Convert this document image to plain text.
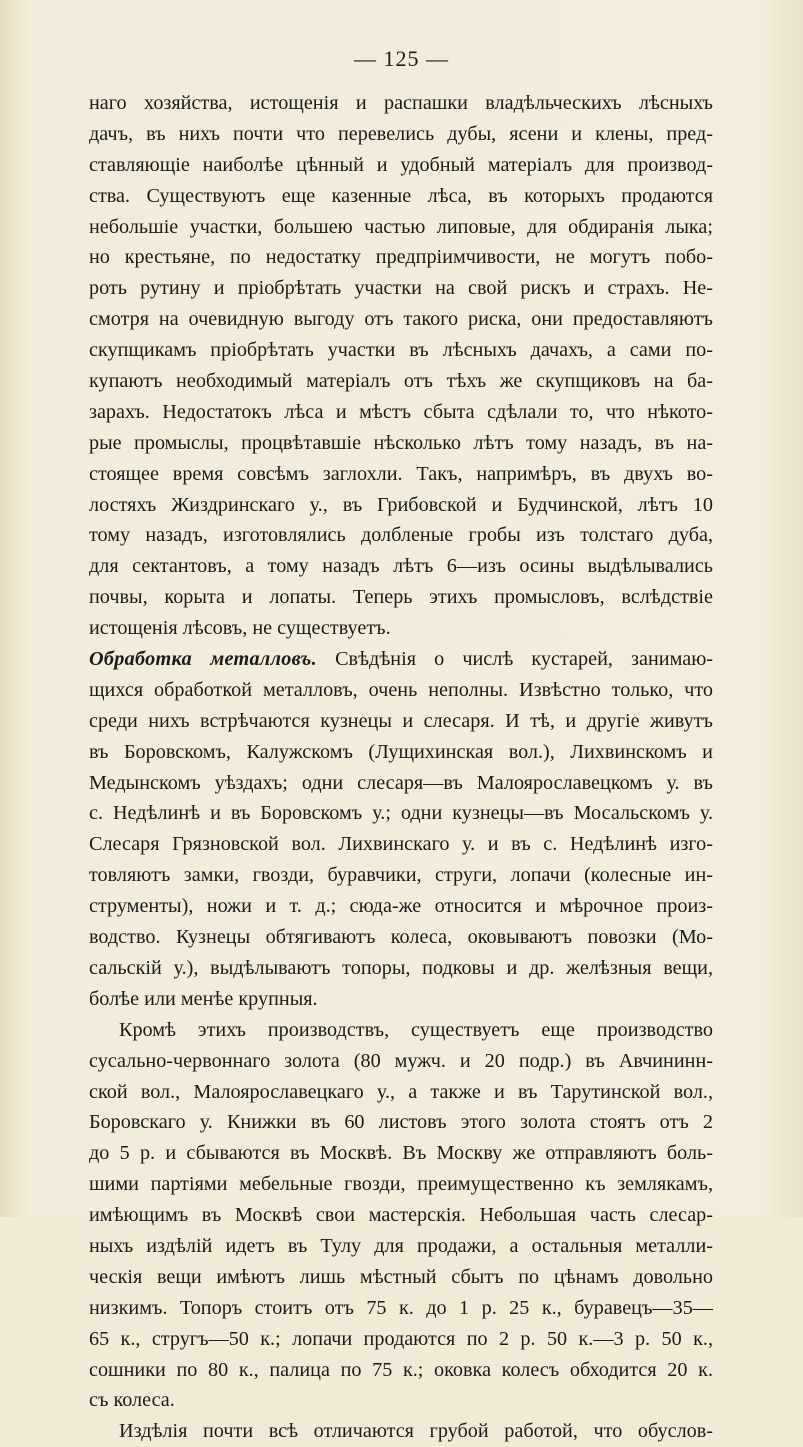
— 125 —
наго хозяйства, истощенія и распашки владѣльческихъ лѣсныхъ
дачъ, въ нихъ почти что перевелись дубы, ясени и клены, пред-
ставляющіе наиболѣе цѣнный и удобный матеріалъ для производ-
ства. Существуютъ еще казенные лѣса, въ которыхъ продаются
небольшіе участки, большею частью липовые, для обдиранія лыка;
но крестьяне, по недостатку предпріимчивости, не могутъ побо-
роть рутину и пріобрѣтать участки на свой рискъ и страхъ. Не-
смотря на очевидную выгоду отъ такого риска, они предоставляютъ
скупщикамъ пріобрѣтать участки въ лѣсныхъ дачахъ, а сами по-
купаютъ необходимый матеріалъ отъ тѣхъ же скупщиковъ на ба-
зарахъ. Недостатокъ лѣса и мѣстъ сбыта сдѣлали то, что нѣкото-
рые промыслы, процвѣтавшіе нѣсколько лѣтъ тому назадъ, въ на-
стоящее время совсѣмъ заглохли. Такъ, напримѣръ, въ двухъ во-
лостяхъ Жиздринскаго у., въ Грибовской и Будчинской, лѣтъ 10
тому назадъ, изготовлялись долбленые гробы изъ толстаго дуба,
для сектантовъ, а тому назадъ лѣтъ 6—изъ осины выдѣлывались
почвы, корыта и лопаты. Теперь этихъ промысловъ, вслѣдствіе
истощенія лѣсовъ, не существуетъ.
Обработка металловъ. Свѣдѣнія о числѣ кустарей, занимаю-
щихся обработкой металловъ, очень неполны. Извѣстно только, что
среди нихъ встрѣчаются кузнецы и слесаря. И тѣ, и другіе живутъ
въ Боровскомъ, Калужскомъ (Лущихинская вол.), Лихвинскомъ и
Медынскомъ уѣздахъ; одни слесаря—въ Малоярославецкомъ у. въ
с. Недѣлинѣ и въ Боровскомъ у.; одни кузнецы—въ Мосальскомъ у.
Слесаря Грязновской вол. Лихвинскаго у. и въ с. Недѣлинѣ изго-
товляютъ замки, гвозди, буравчики, струги, лопачи (колесные ин-
струменты), ножи и т. д.; сюда-же относится и мѣрочное произ-
водство. Кузнецы обтягиваютъ колеса, оковываютъ повозки (Мо-
сальскій у.), выдѣлываютъ топоры, подковы и др. желѣзныя вещи,
болѣе или менѣе крупныя.
Кромѣ этихъ производствъ, существуетъ еще производство
сусально-червоннаго золота (80 мужч. и 20 подр.) въ Авчининн-
ской вол., Малоярославецкаго у., а также и въ Тарутинской вол.,
Боровскаго у. Книжки въ 60 листовъ этого золота стоятъ отъ 2
до 5 р. и сбываются въ Москвѣ. Въ Москву же отправляютъ боль-
шими партіями мебельные гвозди, преимущественно къ землякамъ,
имѣющимъ въ Москвѣ свои мастерскія. Небольшая часть слесар-
ныхъ издѣлій идетъ въ Тулу для продажи, а остальныя металли-
ческія вещи имѣютъ лишь мѣстный сбытъ по цѣнамъ довольно
низкимъ. Топоръ стоитъ отъ 75 к. до 1 р. 25 к., буравецъ—35—
65 к., стругъ—50 к.; лопачи продаются по 2 р. 50 к.—3 р. 50 к.,
сошники по 80 к., палица по 75 к.; оковка колесъ обходится 20 к.
съ колеса.
Издѣлія почти всѣ отличаются грубой работой, что обуслов-
